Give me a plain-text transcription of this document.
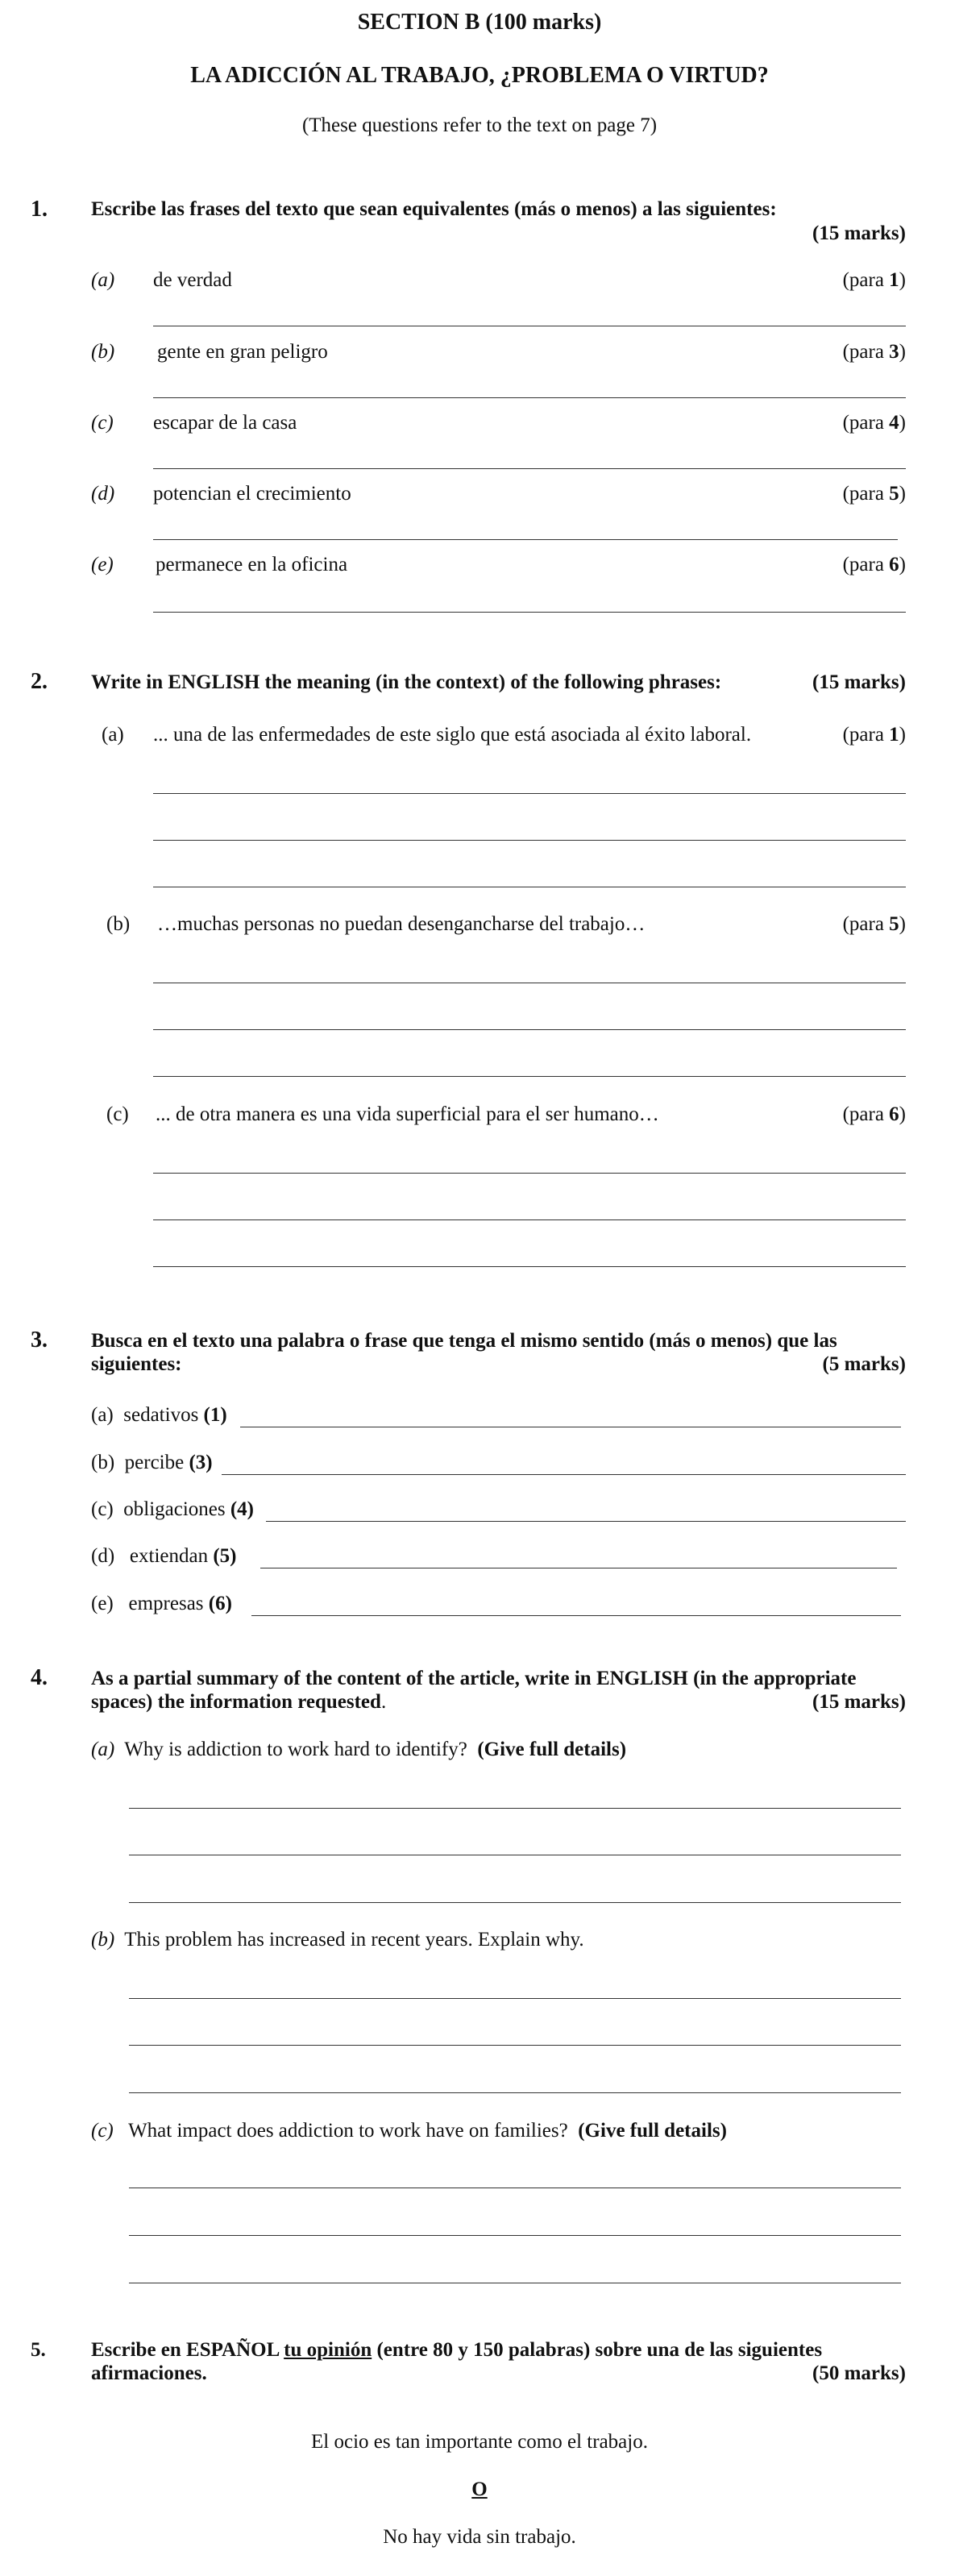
SECTION B (100 marks)
LA ADICCIÓN AL TRABAJO, ¿PROBLEMA O VIRTUD?
(These questions refer to the text on page 7)
1. Escribe las frases del texto que sean equivalentes (más o menos) a las siguientes:
(15 marks)
(a) de verdad	(para 1)
(b) gente en gran peligro	(para 3)
(c) escapar de la casa	(para 4)
(d) potencian el crecimiento	(para 5)
(e) permanece en la oficina	(para 6)
2. Write in ENGLISH the meaning (in the context) of the following phrases:	(15 marks)
(a) ... una de las enfermedades de este siglo que está asociada al éxito laboral.	(para 1)
(b) …muchas personas no puedan desengancharse del trabajo…	(para 5)
(c) ... de otra manera es una vida superficial para el ser humano…	(para 6)
3. Busca en el texto una palabra o frase que tenga el mismo sentido (más o menos) que las
siguientes:	(5 marks)
(a) sedativos (1)
(b) percibe (3)
(c) obligaciones (4)
(d) extiendan (5)
(e) empresas (6)
4. As a partial summary of the content of the article, write in ENGLISH (in the appropriate
spaces) the information requested.	(15 marks)
(a) Why is addiction to work hard to identify? (Give full details)
(b) This problem has increased in recent years. Explain why.
(c) What impact does addiction to work have on families? (Give full details)
5. Escribe en ESPAÑOL tu opinión (entre 80 y 150 palabras) sobre una de las siguientes
afirmaciones.	(50 marks)
El ocio es tan importante como el trabajo.
O
No hay vida sin trabajo.
